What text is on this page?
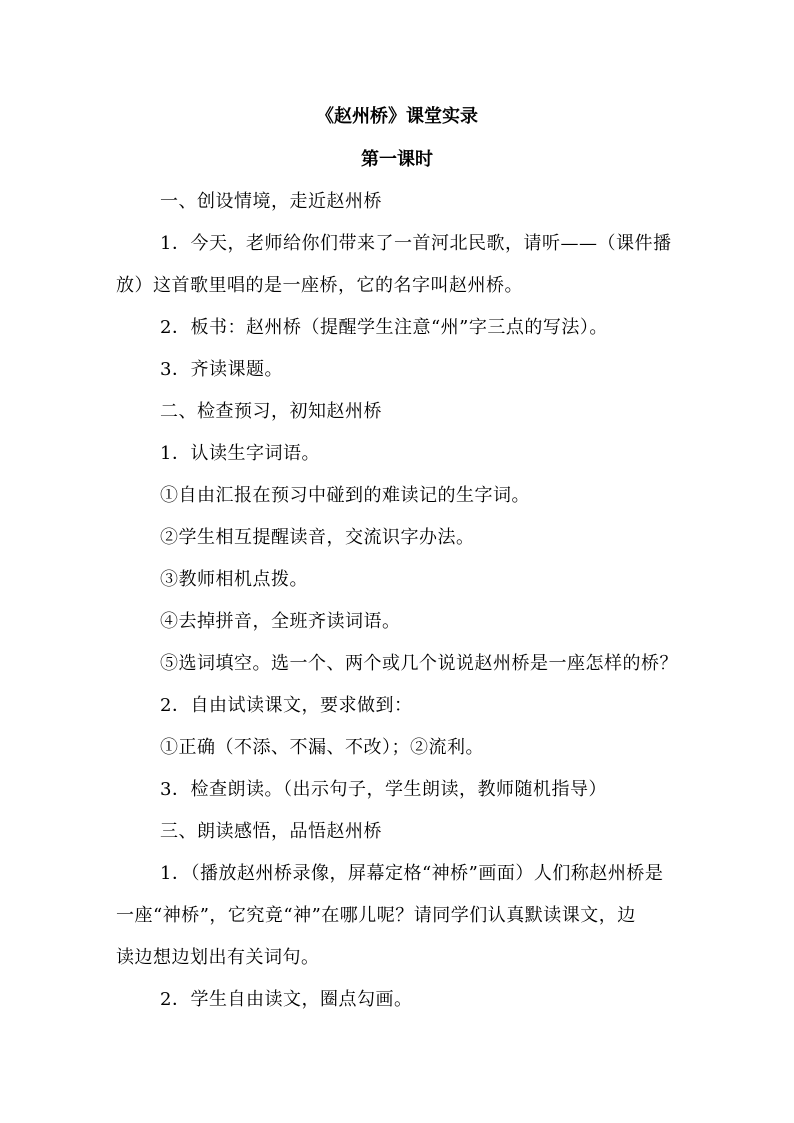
《赵州桥》课堂实录
第一课时
一、创设情境，走近赵州桥
1．今天，老师给你们带来了一首河北民歌，请听——（课件播
放）这首歌里唱的是一座桥，它的名字叫赵州桥。
2．板书：赵州桥（提醒学生注意“州”字三点的写法）。
3．齐读课题。
二、检查预习，初知赵州桥
1．认读生字词语。
①自由汇报在预习中碰到的难读记的生字词。
②学生相互提醒读音，交流识字办法。
③教师相机点拨。
④去掉拼音，全班齐读词语。
⑤选词填空。选一个、两个或几个说说赵州桥是一座怎样的桥？
2．自由试读课文，要求做到：
①正确（不添、不漏、不改）；②流利。
3．检查朗读。（出示句子，学生朗读，教师随机指导）
三、朗读感悟，品悟赵州桥
1．（播放赵州桥录像，屏幕定格“神桥”画面）人们称赵州桥是
一座“神桥”，它究竟“神”在哪儿呢？请同学们认真默读课文，边
读边想边划出有关词句。
2．学生自由读文，圈点勾画。
